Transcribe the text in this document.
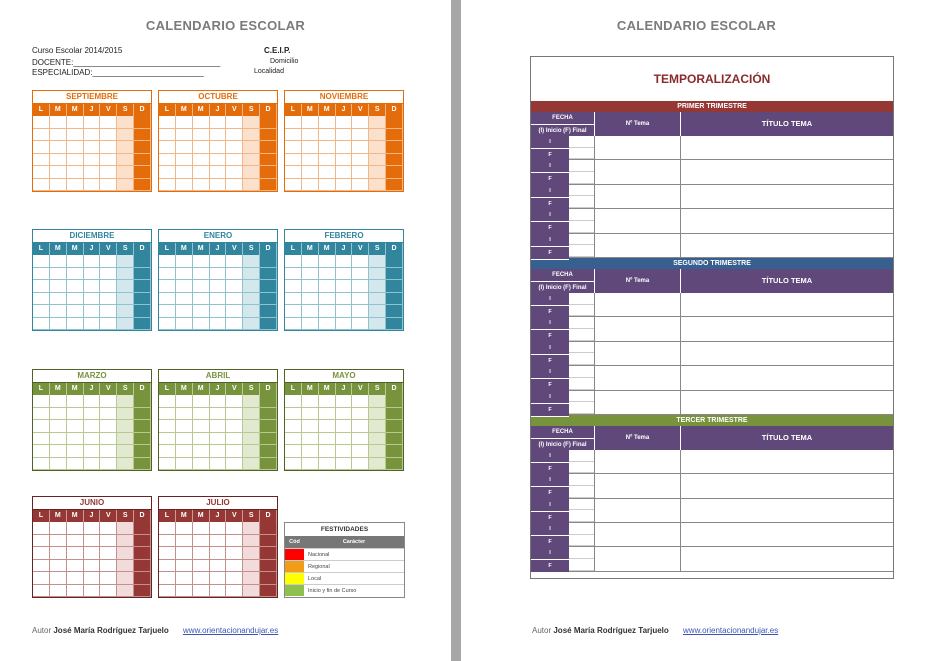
CALENDARIO ESCOLAR
Curso Escolar 2014/2015	C.E.I.P.
DOCENTE:_________________________________	Domicilio
ESPECIALIDAD:_________________________	Localidad
SEPTIEMBRE
L	M	M	J	V	S	D
OCTUBRE
L	M	M	J	V	S	D
NOVIEMBRE
L	M	M	J	V	S	D
DICIEMBRE
L	M	M	J	V	S	D
ENERO
L	M	M	J	V	S	D
FEBRERO
L	M	M	J	V	S	D
MARZO
L	M	M	J	V	S	D
ABRIL
L	M	M	J	V	S	D
MAYO
L	M	M	J	V	S	D
JUNIO
L	M	M	J	V	S	D
JULIO
L	M	M	J	V	S	D
FESTIVIDADES
Cód	Carácter
Nacional
Regional
Local
Inicio y fin de Curso
Autor José María Rodríguez Tarjuelo www.orientacionandujar.es
CALENDARIO ESCOLAR
TEMPORALIZACIÓN
PRIMER TRIMESTRE
FECHA
(I) Inicio (F) Final
Nº Tema	TÍTULO TEMA
I
F
I
F
I
F
I
F
I
F
SEGUNDO TRIMESTRE
FECHA
(I) Inicio (F) Final
Nº Tema	TÍTULO TEMA
I
F
I
F
I
F
I
F
I
F
TERCER TRIMESTRE
FECHA
(I) Inicio (F) Final
Nº Tema	TÍTULO TEMA
I
F
I
F
I
F
I
F
I
F
Autor José María Rodríguez Tarjuelo www.orientacionandujar.es
